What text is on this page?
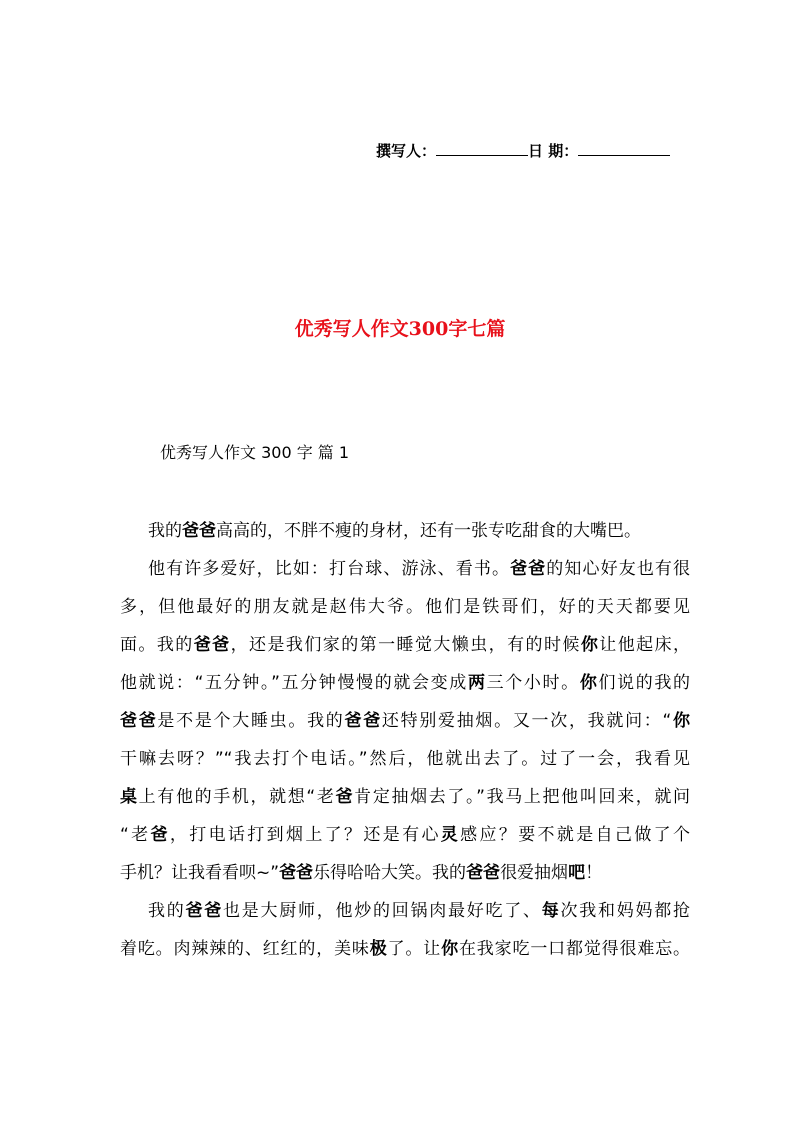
撰写人：	日 期：
优秀写人作文300字七篇
优秀写人作文 300 字 篇 1
我的爸爸高高的，不胖不瘦的身材，还有一张专吃甜食的大嘴巴。
他有许多爱好，比如：打台球、游泳、看书。爸爸的知心好友也有很
多，但他最好的朋友就是赵伟大爷。他们是铁哥们，好的天天都要见
面。我的爸爸，还是我们家的第一睡觉大懒虫，有的时候你让他起床，
他就说：“五分钟。”五分钟慢慢的就会变成两三个小时。你们说的我的
爸爸是不是个大睡虫。我的爸爸还特别爱抽烟。又一次，我就问：“你
干嘛去呀？”“我去打个电话。”然后，他就出去了。过了一会，我看见
桌上有他的手机，就想“老爸肯定抽烟去了。”我马上把他叫回来，就问
“老爸，打电话打到烟上了？还是有心灵感应？要不就是自己做了个
手机？让我看看呗~”爸爸乐得哈哈大笑。我的爸爸很爱抽烟吧！
我的爸爸也是大厨师，他炒的回锅肉最好吃了、每次我和妈妈都抢
着吃。肉辣辣的、红红的，美味极了。让你在我家吃一口都觉得很难忘。
